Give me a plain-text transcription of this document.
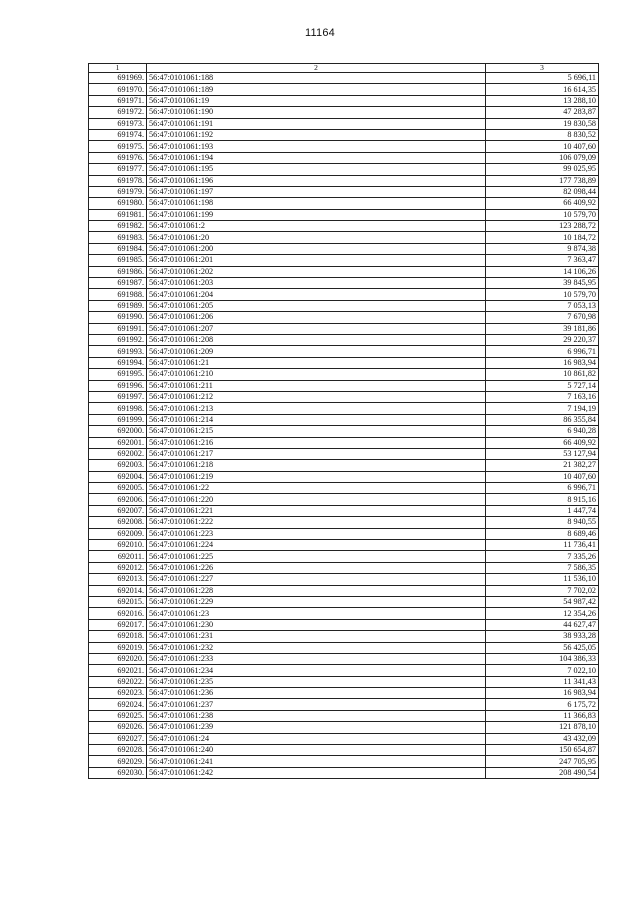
11164
1	2	3
691969.	56:47:0101061:188	5 696,11
691970.	56:47:0101061:189	16 614,35
691971.	56:47:0101061:19	13 288,10
691972.	56:47:0101061:190	47 283,87
691973.	56:47:0101061:191	19 830,58
691974.	56:47:0101061:192	8 830,52
691975.	56:47:0101061:193	10 407,60
691976.	56:47:0101061:194	106 079,09
691977.	56:47:0101061:195	99 025,95
691978.	56:47:0101061:196	177 738,89
691979.	56:47:0101061:197	82 098,44
691980.	56:47:0101061:198	66 409,92
691981.	56:47:0101061:199	10 579,70
691982.	56:47:0101061:2	123 288,72
691983.	56:47:0101061:20	10 184,72
691984.	56:47:0101061:200	9 874,38
691985.	56:47:0101061:201	7 363,47
691986.	56:47:0101061:202	14 106,26
691987.	56:47:0101061:203	39 845,95
691988.	56:47:0101061:204	10 579,70
691989.	56:47:0101061:205	7 053,13
691990.	56:47:0101061:206	7 670,98
691991.	56:47:0101061:207	39 181,86
691992.	56:47:0101061:208	29 220,37
691993.	56:47:0101061:209	6 996,71
691994.	56:47:0101061:21	16 983,94
691995.	56:47:0101061:210	10 861,82
691996.	56:47:0101061:211	5 727,14
691997.	56:47:0101061:212	7 163,16
691998.	56:47:0101061:213	7 194,19
691999.	56:47:0101061:214	86 355,84
692000.	56:47:0101061:215	6 940,28
692001.	56:47:0101061:216	66 409,92
692002.	56:47:0101061:217	53 127,94
692003.	56:47:0101061:218	21 382,27
692004.	56:47:0101061:219	10 407,60
692005.	56:47:0101061:22	6 996,71
692006.	56:47:0101061:220	8 915,16
692007.	56:47:0101061:221	1 447,74
692008.	56:47:0101061:222	8 940,55
692009.	56:47:0101061:223	8 689,46
692010.	56:47:0101061:224	11 736,41
692011.	56:47:0101061:225	7 335,26
692012.	56:47:0101061:226	7 586,35
692013.	56:47:0101061:227	11 536,10
692014.	56:47:0101061:228	7 702,02
692015.	56:47:0101061:229	54 987,42
692016.	56:47:0101061:23	12 354,26
692017.	56:47:0101061:230	44 627,47
692018.	56:47:0101061:231	38 933,28
692019.	56:47:0101061:232	56 425,05
692020.	56:47:0101061:233	104 386,33
692021.	56:47:0101061:234	7 022,10
692022.	56:47:0101061:235	11 341,43
692023.	56:47:0101061:236	16 983,94
692024.	56:47:0101061:237	6 175,72
692025.	56:47:0101061:238	11 366,83
692026.	56:47:0101061:239	121 878,10
692027.	56:47:0101061:24	43 432,09
692028.	56:47:0101061:240	150 654,87
692029.	56:47:0101061:241	247 705,95
692030.	56:47:0101061:242	208 490,54
